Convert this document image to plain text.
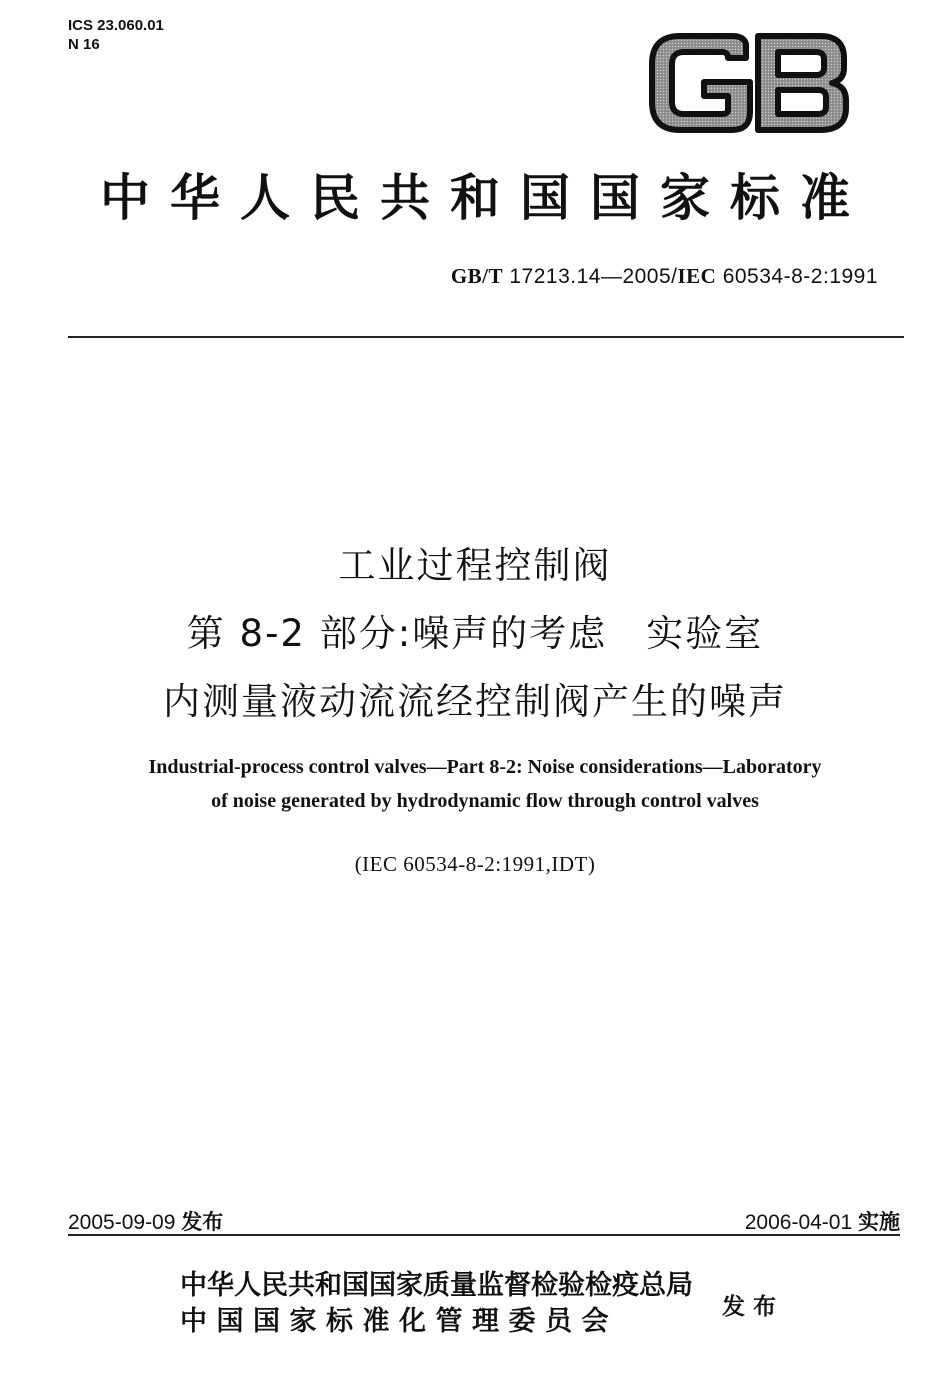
ICS 23.060.01
N 16
中华人民共和国国家标准
GB/T 17213.14—2005/IEC 60534-8-2:1991
工业过程控制阀
第 8-2 部分:噪声的考虑　实验室
内测量液动流流经控制阀产生的噪声
Industrial-process control valves—Part 8-2: Noise considerations—Laboratory
of noise generated by hydrodynamic flow through control valves
(IEC 60534-8-2:1991,IDT)
2005-09-09 发布	2006-04-01 实施
中华人民共和国国家质量监督检验检疫总局
中国国家标准化管理委员会	发布
